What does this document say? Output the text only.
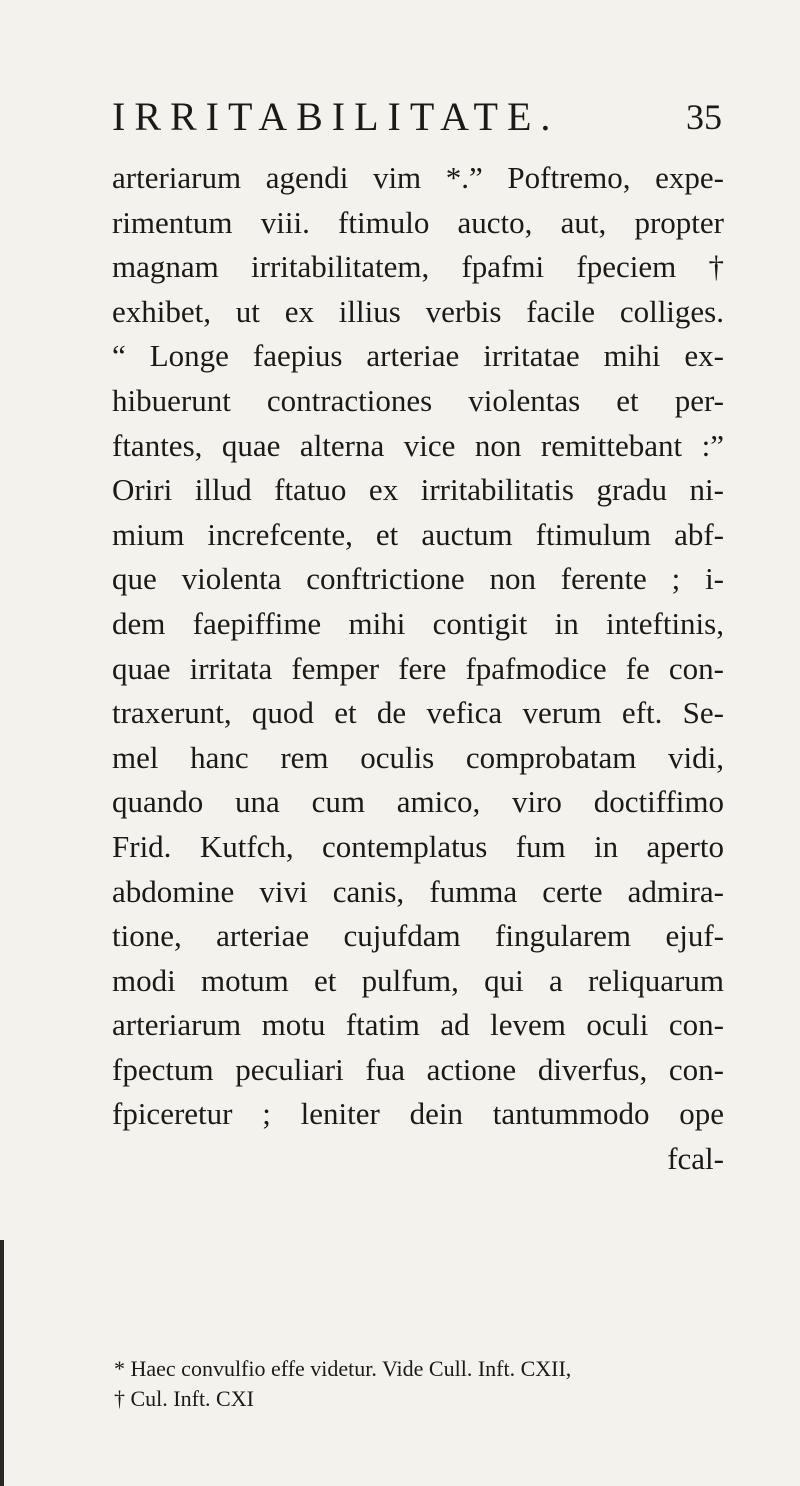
IRRITABILITATE.	35
arteriarum agendi vim *.” Poftremo, expe-
rimentum viii. ftimulo aucto, aut, propter
magnam irritabilitatem, fpafmi fpeciem †
exhibet, ut ex illius verbis facile colliges.
“ Longe faepius arteriae irritatae mihi ex-
hibuerunt contractiones violentas et per-
ftantes, quae alterna vice non remittebant :”
Oriri illud ftatuo ex irritabilitatis gradu ni-
mium increfcente, et auctum ftimulum abf-
que violenta conftrictione non ferente ; i-
dem faepiffime mihi contigit in inteftinis,
quae irritata femper fere fpafmodice fe con-
traxerunt, quod et de vefica verum eft. Se-
mel hanc rem oculis comprobatam vidi,
quando una cum amico, viro doctiffimo
Frid. Kutfch, contemplatus fum in aperto
abdomine vivi canis, fumma certe admira-
tione, arteriae cujufdam fingularem ejuf-
modi motum et pulfum, qui a reliquarum
arteriarum motu ftatim ad levem oculi con-
fpectum peculiari fua actione diverfus, con-
fpiceretur ; leniter dein tantummodo ope
fcal-
* Haec convulfio effe videtur. Vide Cull. Inft. CXII,
† Cul. Inft. CXI
